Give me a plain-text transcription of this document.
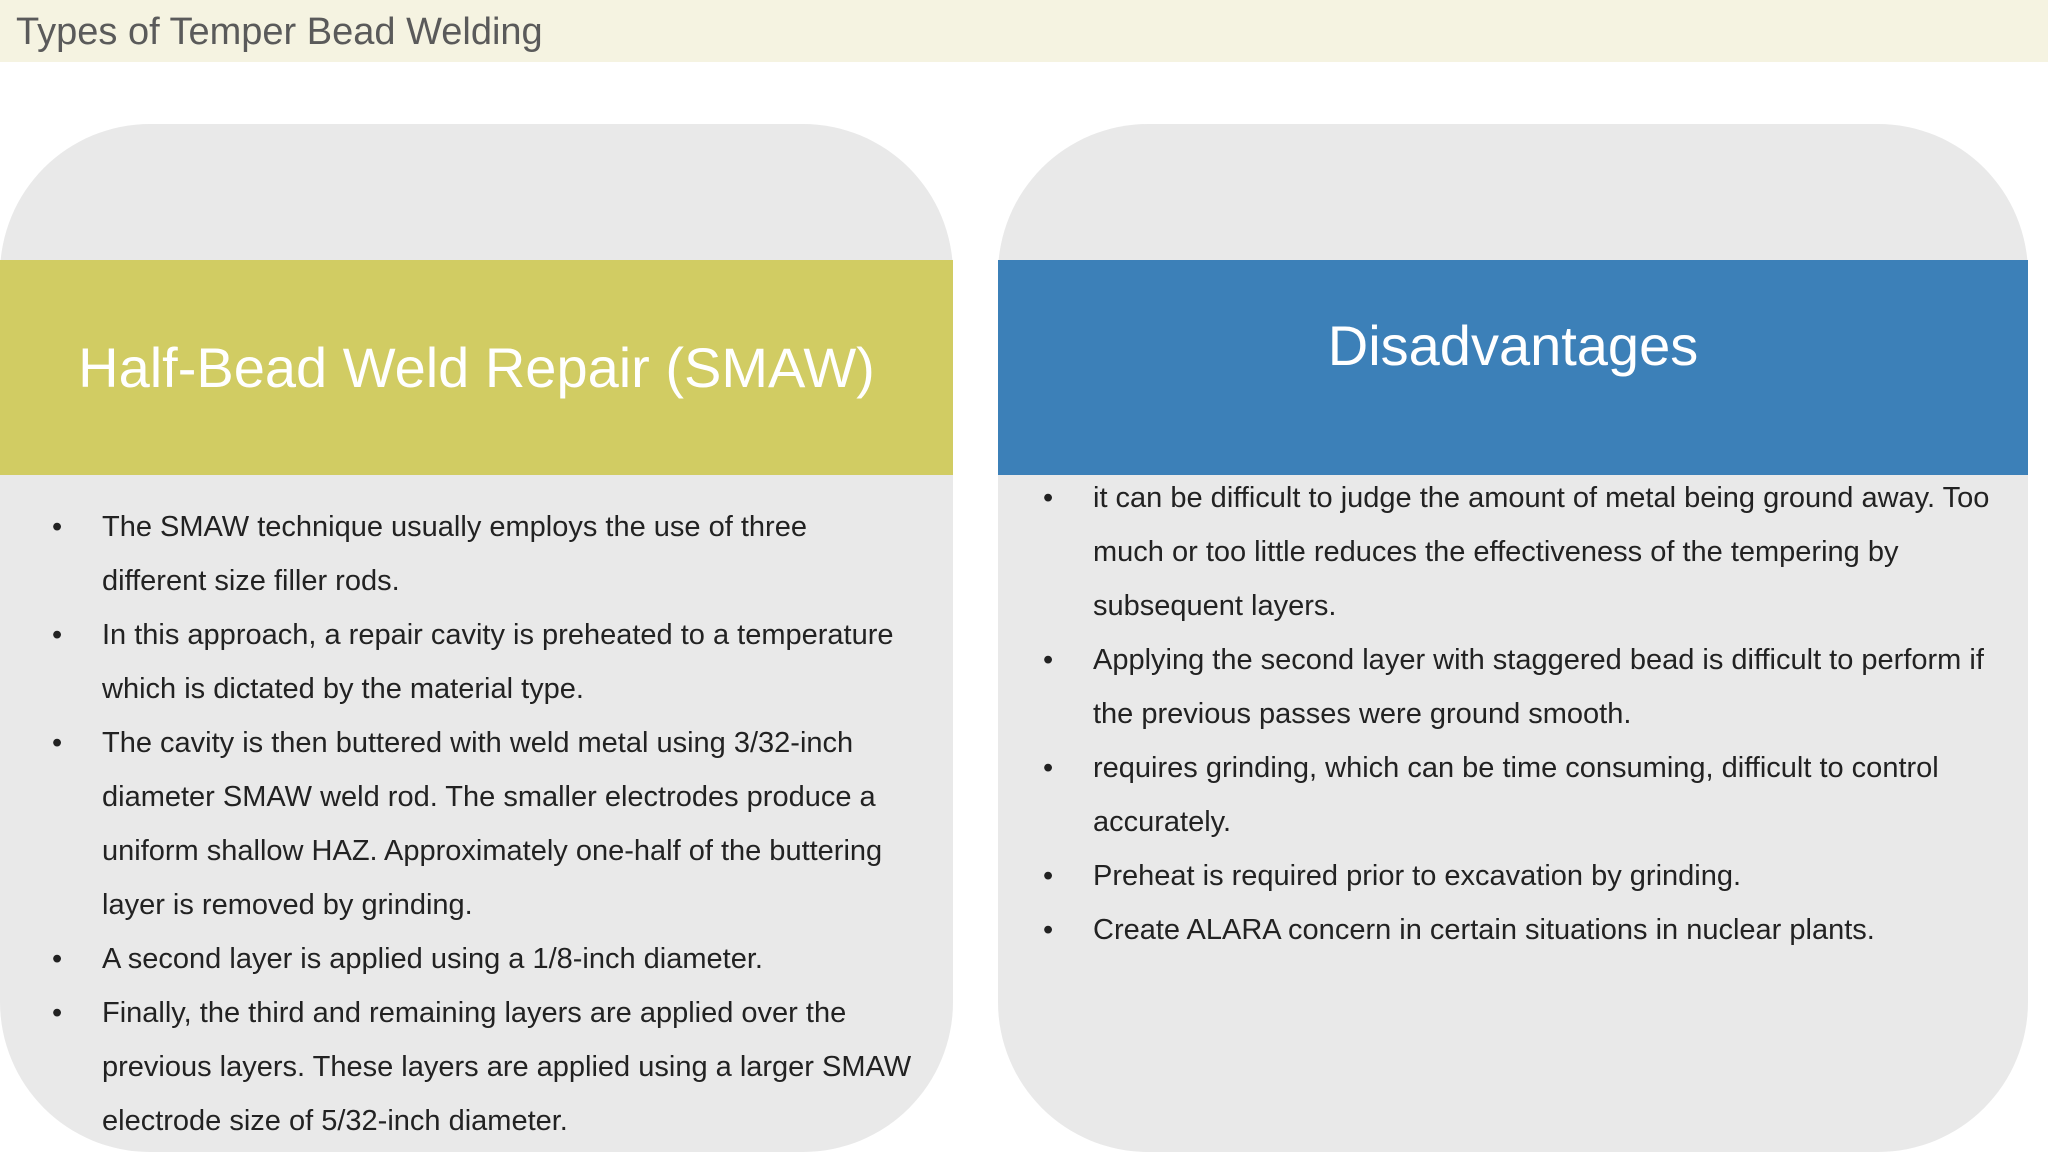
Types of Temper Bead Welding
Half-Bead Weld Repair (SMAW)	Disadvantages
•	The SMAW technique usually employs the use of three different size filler rods.
•	In this approach, a repair cavity is preheated to a temperature which is dictated by the material type.
•	The cavity is then buttered with weld metal using 3/32-inch diameter SMAW weld rod. The smaller electrodes produce a uniform shallow HAZ. Approximately one-half of the buttering layer is removed by grinding.
•	A second layer is applied using a 1/8-inch diameter.
•	Finally, the third and remaining layers are applied over the previous layers. These layers are applied using a larger SMAW electrode size of 5/32-inch diameter.
•	it can be difficult to judge the amount of metal being ground away. Too much or too little reduces the effectiveness of the tempering by subsequent layers.
•	Applying the second layer with staggered bead is difficult to perform if the previous passes were ground smooth.
•	requires grinding, which can be time consuming, difficult to control accurately.
•	Preheat is required prior to excavation by grinding.
•	Create ALARA concern in certain situations in nuclear plants.
